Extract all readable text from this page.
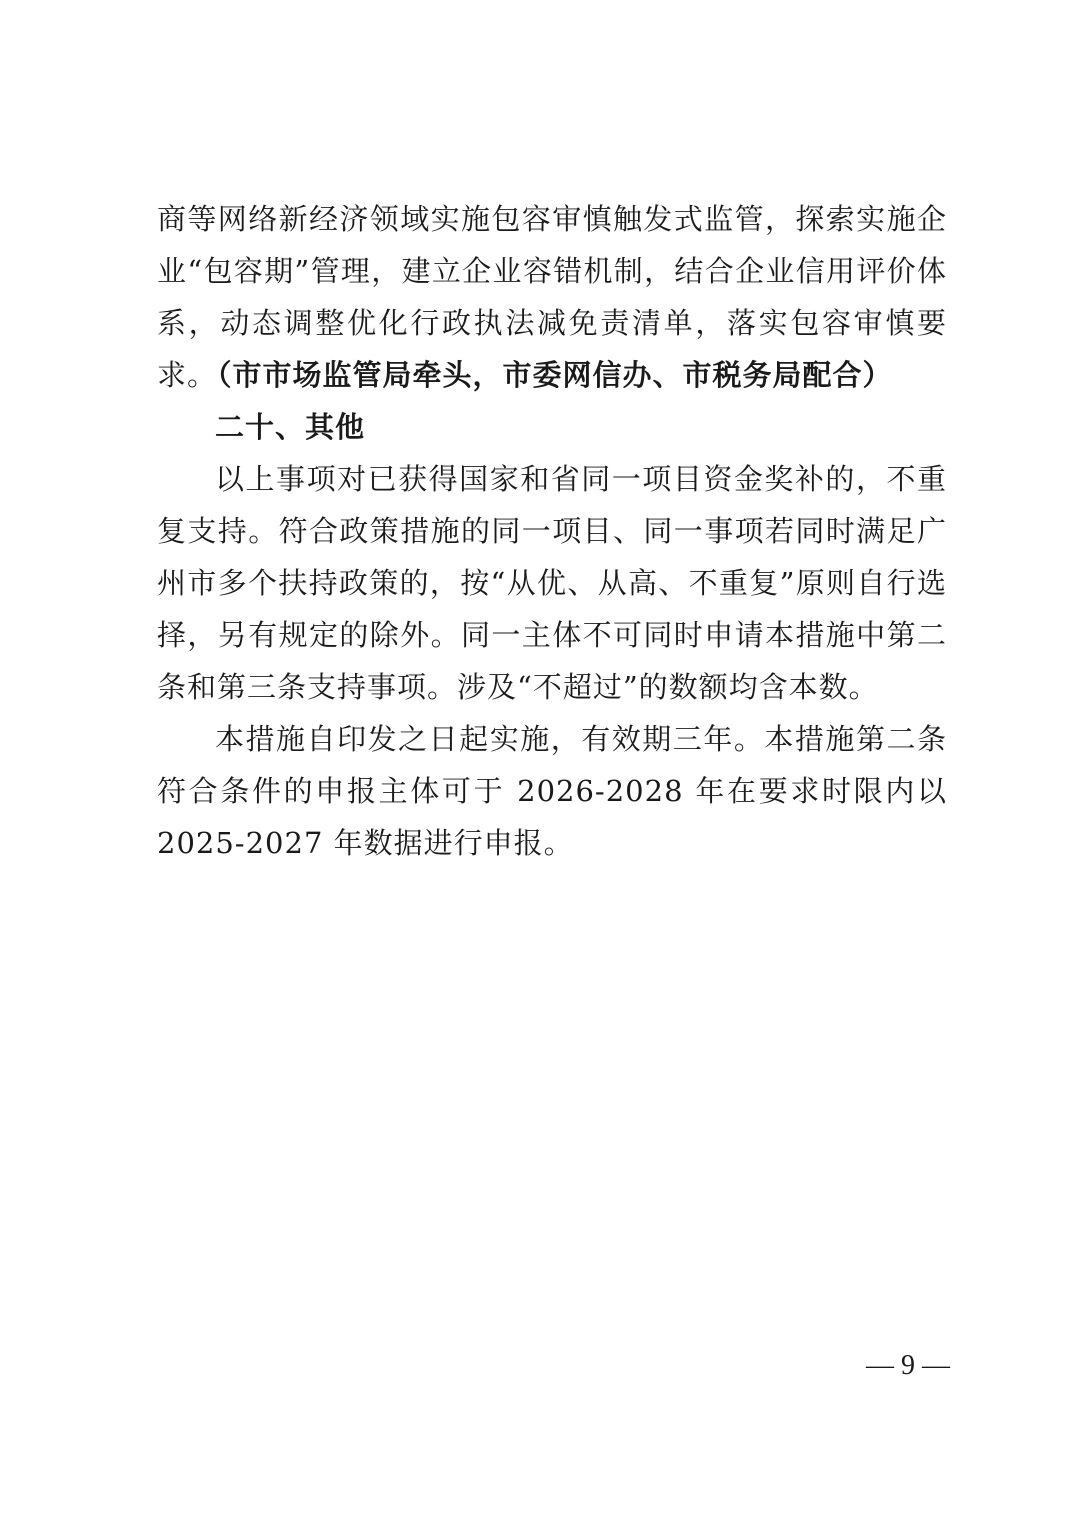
商等网络新经济领域实施包容审慎触发式监管，探索实施企业“包容期”管理，建立企业容错机制，结合企业信用评价体系，动态调整优化行政执法减免责清单，落实包容审慎要求。（市市场监管局牵头，市委网信办、市税务局配合）

二十、其他

以上事项对已获得国家和省同一项目资金奖补的，不重复支持。符合政策措施的同一项目、同一事项若同时满足广州市多个扶持政策的，按“从优、从高、不重复”原则自行选择，另有规定的除外。同一主体不可同时申请本措施中第二条和第三条支持事项。涉及“不超过”的数额均含本数。

本措施自印发之日起实施，有效期三年。本措施第二条符合条件的申报主体可于 2026-2028 年在要求时限内以 2025-2027 年数据进行申报。

— 9 —
